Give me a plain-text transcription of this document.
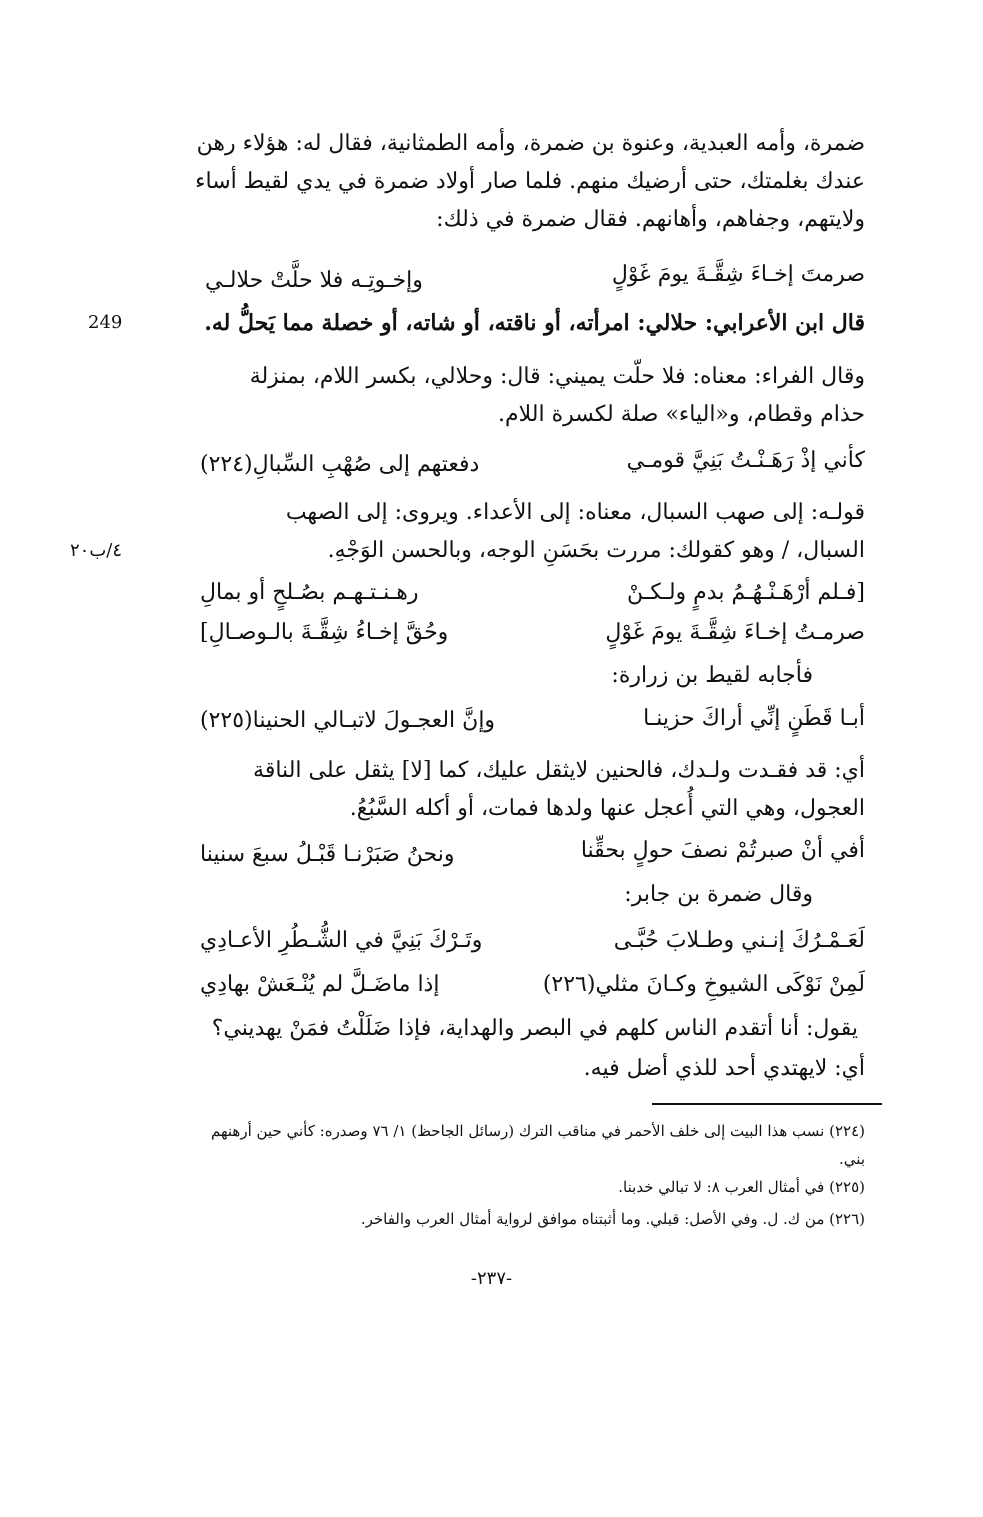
ضمرة، وأمه العبدية، وعنوة بن ضمرة، وأمه الطمثانية، فقال له: هؤلاء رهن
عندك بغلمتك، حتى أرضيك منهم. فلما صار أولاد ضمرة في يدي لقيط أساء
ولايتهم، وجفاهم، وأهانهم. فقال ضمرة في ذلك:
صرمتَ إخـاءَ شِقَّـةَ يومَ غَوْلٍ
وإخـوتِـه فلا حلَّتْ حلالـي
249	قال ابن الأعرابي: حلالي: امرأته، أو ناقته، أو شاته، أو خصلة مما يَحلُّ له.
وقال الفراء: معناه: فلا حلّت يميني: قال: وحلالي، بكسر اللام، بمنزلة
حذام وقطام، و«الياء» صلة لكسرة اللام.
كأني إذْ رَهَـنْـتُ بَنِيَّ قومـي
دفعتهم إلى صُهْبِ السِّبالِ(٢٢٤)
قولـه: إلى صهب السبال، معناه: إلى الأعداء. ويروى: إلى الصهب
السبال، / وهو كقولك: مررت بحَسَنِ الوجه، وبالحسن الوَجْهِ.
۲۰٤/ب
[فـلم أرْهَـنْـهُـمُ بدمٍ ولـكـنْ
رهـنـتـهـم بصُـلحٍ أو بمالِ
صرمـتُ إخـاءَ شِقَّـةَ يومَ غَوْلٍ
وحُقَّ إخـاءُ شِقَّـةَ بالـوصـالِ]
فأجابه لقيط بن زرارة:
أبـا قَطَنٍ إنِّي أراكَ حزينـا
وإنَّ العجـولَ لاتبـالي الحنينا(٢٢٥)
أي: قد فقـدت ولـدك، فالحنين لايثقل عليك، كما [لا] يثقل على الناقة
العجول، وهي التي أُعجل عنها ولدها فمات، أو أكله السَّبُعُ.
أفي أنْ صبرتُمْ نصفَ حولٍ بحقِّنا
ونحنُ صَبَرْنـا قَبْـلُ سبعَ سنينا
وقال ضمرة بن جابر:
لَعَـمْـرُكَ إنـني وطـلابَ حُبَّـى
وتَـرْكَ بَنِيَّ في الشُّـطُرِ الأعـادِي
لَمِنْ نَوْكَى الشيوخِ وكـانَ مثلي(٢٢٦)
إذا ماضَـلَّ لم يُنْـعَشْ بهادِي
يقول: أنا أتقدم الناس كلهم في البصر والهداية، فإذا ضَلَلْتُ فمَنْ يهديني؟
أي: لايهتدي أحد للذي أضل فيه.
(٢٢٤) نسب هذا البيت إلى خلف الأحمر في مناقب الترك (رسائل الجاحظ) ١/ ٧٦ وصدره: كأني حين أرهنهم
بني.
(٢٢٥) في أمثال العرب ٨: لا تبالي خدبنا.
(٢٢٦) من ك. ل. وفي الأصل: قبلي. وما أثبتناه موافق لرواية أمثال العرب والفاخر.
-٢٣٧-
